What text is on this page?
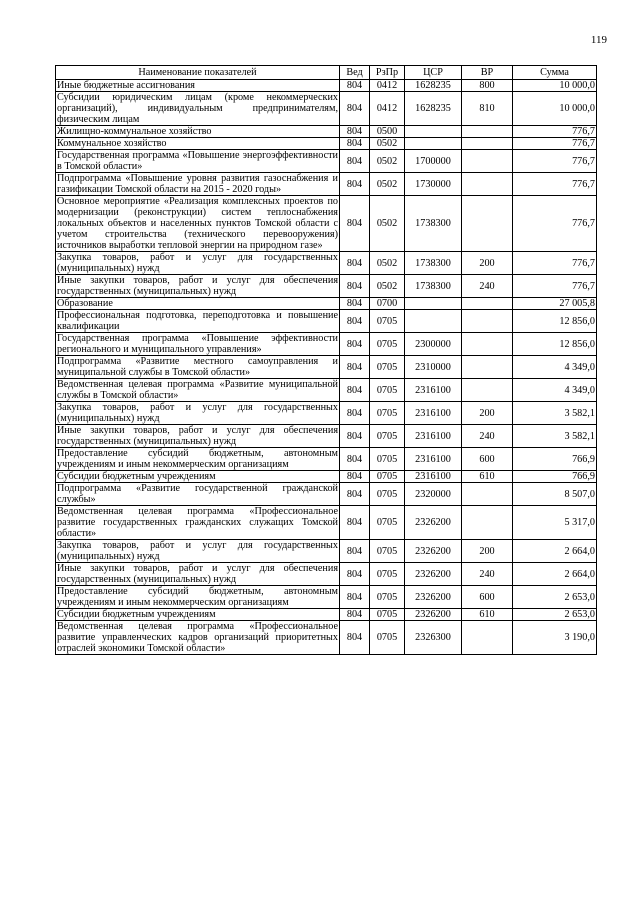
119
Наименование показателей	Вед	РзПр	ЦСР	ВР	Сумма
Иные бюджетные ассигнования	804	0412	1628235	800	10 000,0
Субсидии юридическим лицам (кроме некоммерческих организаций), индивидуальным предпринимателям, физическим лицам	804	0412	1628235	810	10 000,0
Жилищно-коммунальное хозяйство	804	0500			776,7
Коммунальное хозяйство	804	0502			776,7
Государственная программа «Повышение энергоэффективности в Томской области»	804	0502	1700000		776,7
Подпрограмма «Повышение уровня развития газоснабжения и газификации Томской области на 2015 - 2020 годы»	804	0502	1730000		776,7
Основное мероприятие «Реализация комплексных проектов по модернизации (реконструкции) систем теплоснабжения локальных объектов и населенных пунктов Томской области с учетом строительства (технического перевооружения) источников выработки тепловой энергии на природном газе»	804	0502	1738300		776,7
Закупка товаров, работ и услуг для государственных (муниципальных) нужд	804	0502	1738300	200	776,7
Иные закупки товаров, работ и услуг для обеспечения государственных (муниципальных) нужд	804	0502	1738300	240	776,7
Образование	804	0700			27 005,8
Профессиональная подготовка, переподготовка и повышение квалификации	804	0705			12 856,0
Государственная программа «Повышение эффективности регионального и муниципального управления»	804	0705	2300000		12 856,0
Подпрограмма «Развитие местного самоуправления и муниципальной службы в Томской области»	804	0705	2310000		4 349,0
Ведомственная целевая программа «Развитие муниципальной службы в Томской области»	804	0705	2316100		4 349,0
Закупка товаров, работ и услуг для государственных (муниципальных) нужд	804	0705	2316100	200	3 582,1
Иные закупки товаров, работ и услуг для обеспечения государственных (муниципальных) нужд	804	0705	2316100	240	3 582,1
Предоставление субсидий бюджетным, автономным учреждениям и иным некоммерческим организациям	804	0705	2316100	600	766,9
Субсидии бюджетным учреждениям	804	0705	2316100	610	766,9
Подпрограмма «Развитие государственной гражданской службы»	804	0705	2320000		8 507,0
Ведомственная целевая программа «Профессиональное развитие государственных гражданских служащих Томской области»	804	0705	2326200		5 317,0
Закупка товаров, работ и услуг для государственных (муниципальных) нужд	804	0705	2326200	200	2 664,0
Иные закупки товаров, работ и услуг для обеспечения государственных (муниципальных) нужд	804	0705	2326200	240	2 664,0
Предоставление субсидий бюджетным, автономным учреждениям и иным некоммерческим организациям	804	0705	2326200	600	2 653,0
Субсидии бюджетным учреждениям	804	0705	2326200	610	2 653,0
Ведомственная целевая программа «Профессиональное развитие управленческих кадров организаций приоритетных отраслей экономики Томской области»	804	0705	2326300		3 190,0
